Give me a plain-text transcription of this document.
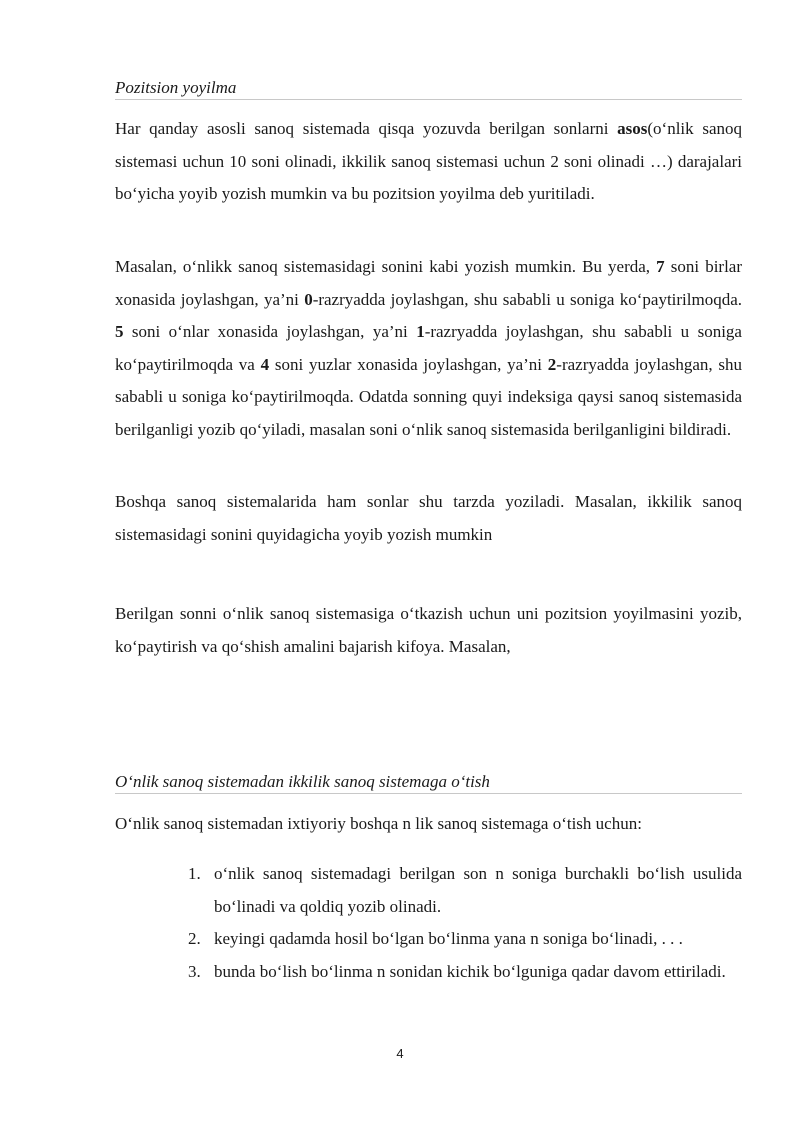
Pozitsion yoyilma

Har qanday asosli sanoq sistemada qisqa yozuvda berilgan sonlarni asos(o‘nlik sanoq sistemasi uchun 10 soni olinadi, ikkilik sanoq sistemasi uchun 2 soni olinadi …) darajalari bo‘yicha yoyib yozish mumkin va bu pozitsion yoyilma deb yuritiladi.

Masalan, o‘nlikk sanoq sistemasidagi sonini kabi yozish mumkin. Bu yerda, 7 soni birlar xonasida joylashgan, ya’ni 0-razryadda joylashgan, shu sababli u soniga ko‘paytirilmoqda. 5 soni o‘nlar xonasida joylashgan, ya’ni 1-razryadda joylashgan, shu sababli u soniga ko‘paytirilmoqda va 4 soni yuzlar xonasida joylashgan, ya’ni 2-razryadda joylashgan, shu sababli u soniga ko‘paytirilmoqda. Odatda sonning quyi indeksiga qaysi sanoq sistemasida berilganligi yozib qo‘yiladi, masalan soni o‘nlik sanoq sistemasida berilganligini bildiradi.

Boshqa sanoq sistemalarida ham sonlar shu tarzda yoziladi. Masalan, ikkilik sanoq sistemasidagi sonini quyidagicha yoyib yozish mumkin

Berilgan sonni o‘nlik sanoq sistemasiga o‘tkazish uchun uni pozitsion yoyilmasini yozib, ko‘paytirish va qo‘shish amalini bajarish kifoya. Masalan,

O‘nlik sanoq sistemadan ikkilik sanoq sistemaga o‘tish

O‘nlik sanoq sistemadan ixtiyoriy boshqa n lik sanoq sistemaga o‘tish uchun:

1. o‘nlik sanoq sistemadagi berilgan son n soniga burchakli bo‘lish usulida bo‘linadi va qoldiq yozib olinadi.
2. keyingi qadamda hosil bo‘lgan bo‘linma yana n soniga bo‘linadi, . . .
3. bunda bo‘lish bo‘linma n sonidan kichik bo‘lguniga qadar davom ettiriladi.
4
